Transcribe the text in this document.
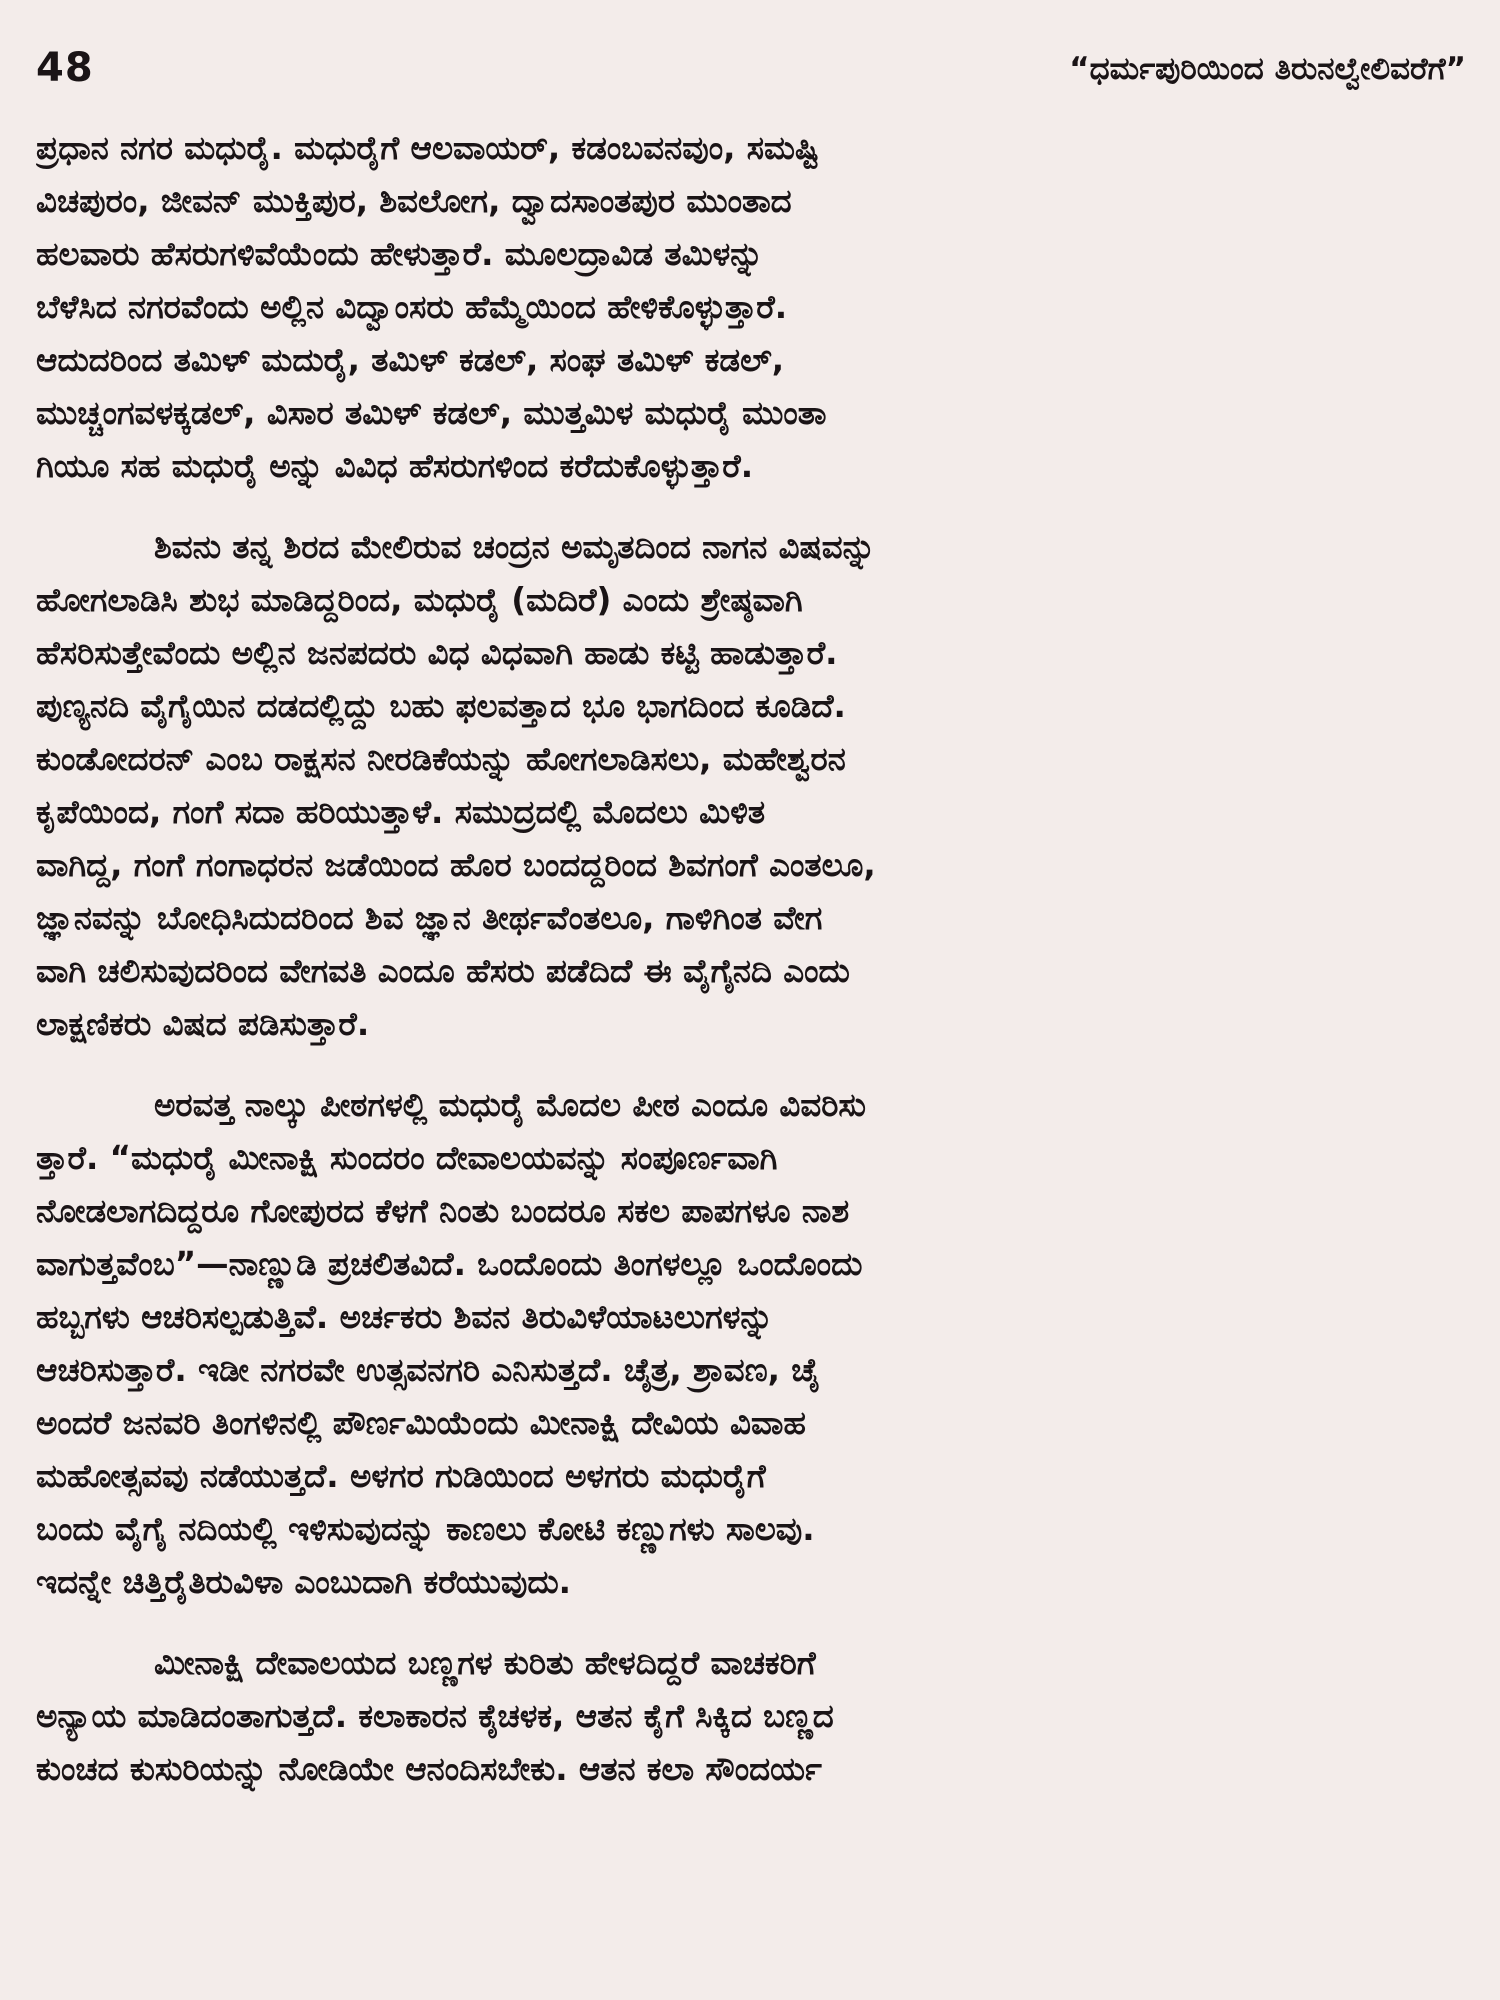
48	“ಧರ್ಮಪುರಿಯಿಂದ ತಿರುನಲ್ವೇಲಿವರೆಗೆ”
ಪ್ರಧಾನ ನಗರ ಮಧುರೈ. ಮಧುರೈಗೆ ಆಲವಾಯರ್, ಕಡಂಬವನವುಂ, ಸಮಷ್ಟಿ
ವಿಚಪುರಂ, ಜೀವನ್ ಮುಕ್ತಿಪುರ, ಶಿವಲೋಗ, ದ್ವಾದಸಾಂತಪುರ ಮುಂತಾದ
ಹಲವಾರು ಹೆಸರುಗಳಿವೆಯೆಂದು ಹೇಳುತ್ತಾರೆ. ಮೂಲದ್ರಾವಿಡ ತಮಿಳನ್ನು
ಬೆಳೆಸಿದ ನಗರವೆಂದು ಅಲ್ಲಿನ ವಿದ್ವಾಂಸರು ಹೆಮ್ಮೆಯಿಂದ ಹೇಳಿಕೊಳ್ಳುತ್ತಾರೆ.
ಆದುದರಿಂದ ತಮಿಳ್ ಮದುರೈ, ತಮಿಳ್ ಕಡಲ್, ಸಂಘ ತಮಿಳ್ ಕಡಲ್,
ಮುಚ್ಚಂಗವಳಕ್ಕಡಲ್, ವಿಸಾರ ತಮಿಳ್ ಕಡಲ್, ಮುತ್ತಮಿಳ ಮಧುರೈ ಮುಂತಾ
ಗಿಯೂ ಸಹ ಮಧುರೈ ಅನ್ನು ವಿವಿಧ ಹೆಸರುಗಳಿಂದ ಕರೆದುಕೊಳ್ಳುತ್ತಾರೆ.
ಶಿವನು ತನ್ನ ಶಿರದ ಮೇಲಿರುವ ಚಂದ್ರನ ಅಮೃತದಿಂದ ನಾಗನ ವಿಷವನ್ನು
ಹೋಗಲಾಡಿಸಿ ಶುಭ ಮಾಡಿದ್ದರಿಂದ, ಮಧುರೈ (ಮದಿರೆ) ಎಂದು ಶ್ರೇಷ್ಠವಾಗಿ
ಹೆಸರಿಸುತ್ತೇವೆಂದು ಅಲ್ಲಿನ ಜನಪದರು ವಿಧ ವಿಧವಾಗಿ ಹಾಡು ಕಟ್ಟಿ ಹಾಡುತ್ತಾರೆ.
ಪುಣ್ಯನದಿ ವೈಗೈಯಿನ ದಡದಲ್ಲಿದ್ದು ಬಹು ಫಲವತ್ತಾದ ಭೂ ಭಾಗದಿಂದ ಕೂಡಿದೆ.
ಕುಂಡೋದರನ್ ಎಂಬ ರಾಕ್ಷಸನ ನೀರಡಿಕೆಯನ್ನು ಹೋಗಲಾಡಿಸಲು, ಮಹೇಶ್ವರನ
ಕೃಪೆಯಿಂದ, ಗಂಗೆ ಸದಾ ಹರಿಯುತ್ತಾಳೆ. ಸಮುದ್ರದಲ್ಲಿ ಮೊದಲು ಮಿಳಿತ
ವಾಗಿದ್ದ, ಗಂಗೆ ಗಂಗಾಧರನ ಜಡೆಯಿಂದ ಹೊರ ಬಂದದ್ದರಿಂದ ಶಿವಗಂಗೆ ಎಂತಲೂ,
ಜ್ಞಾನವನ್ನು ಬೋಧಿಸಿದುದರಿಂದ ಶಿವ ಜ್ಞಾನ ತೀರ್ಥವೆಂತಲೂ, ಗಾಳಿಗಿಂತ ವೇಗ
ವಾಗಿ ಚಲಿಸುವುದರಿಂದ ವೇಗವತಿ ಎಂದೂ ಹೆಸರು ಪಡೆದಿದೆ ಈ ವೈಗೈನದಿ ಎಂದು
ಲಾಕ್ಷಣಿಕರು ವಿಷದ ಪಡಿಸುತ್ತಾರೆ.
ಅರವತ್ತ ನಾಲ್ಕು ಪೀಠಗಳಲ್ಲಿ ಮಧುರೈ ಮೊದಲ ಪೀಠ ಎಂದೂ ವಿವರಿಸು
ತ್ತಾರೆ. “ಮಧುರೈ ಮೀನಾಕ್ಷಿ ಸುಂದರಂ ದೇವಾಲಯವನ್ನು ಸಂಪೂರ್ಣವಾಗಿ
ನೋಡಲಾಗದಿದ್ದರೂ ಗೋಪುರದ ಕೆಳಗೆ ನಿಂತು ಬಂದರೂ ಸಕಲ ಪಾಪಗಳೂ ನಾಶ
ವಾಗುತ್ತವೆಂಬ”—ನಾಣ್ಣುಡಿ ಪ್ರಚಲಿತವಿದೆ. ಒಂದೊಂದು ತಿಂಗಳಲ್ಲೂ ಒಂದೊಂದು
ಹಬ್ಬಗಳು ಆಚರಿಸಲ್ಪಡುತ್ತಿವೆ. ಅರ್ಚಕರು ಶಿವನ ತಿರುವಿಳೆಯಾಟಲುಗಳನ್ನು
ಆಚರಿಸುತ್ತಾರೆ. ಇಡೀ ನಗರವೇ ಉತ್ಸವನಗರಿ ಎನಿಸುತ್ತದೆ. ಚೈತ್ರ, ಶ್ರಾವಣ, ಚೈ
ಅಂದರೆ ಜನವರಿ ತಿಂಗಳಿನಲ್ಲಿ ಪೌರ್ಣಮಿಯೆಂದು ಮೀನಾಕ್ಷಿ ದೇವಿಯ ವಿವಾಹ
ಮಹೋತ್ಸವವು ನಡೆಯುತ್ತದೆ. ಅಳಗರ ಗುಡಿಯಿಂದ ಅಳಗರು ಮಧುರೈಗೆ
ಬಂದು ವೈಗೈ ನದಿಯಲ್ಲಿ ಇಳಿಸುವುದನ್ನು ಕಾಣಲು ಕೋಟಿ ಕಣ್ಣುಗಳು ಸಾಲವು.
ಇದನ್ನೇ ಚಿತ್ತಿರೈತಿರುವಿಳಾ ಎಂಬುದಾಗಿ ಕರೆಯುವುದು.
ಮೀನಾಕ್ಷಿ ದೇವಾಲಯದ ಬಣ್ಣಗಳ ಕುರಿತು ಹೇಳದಿದ್ದರೆ ವಾಚಕರಿಗೆ
ಅನ್ಯಾಯ ಮಾಡಿದಂತಾಗುತ್ತದೆ. ಕಲಾಕಾರನ ಕೈಚಳಕ, ಆತನ ಕೈಗೆ ಸಿಕ್ಕಿದ ಬಣ್ಣದ
ಕುಂಚದ ಕುಸುರಿಯನ್ನು ನೋಡಿಯೇ ಆನಂದಿಸಬೇಕು. ಆತನ ಕಲಾ ಸೌಂದರ್ಯ
